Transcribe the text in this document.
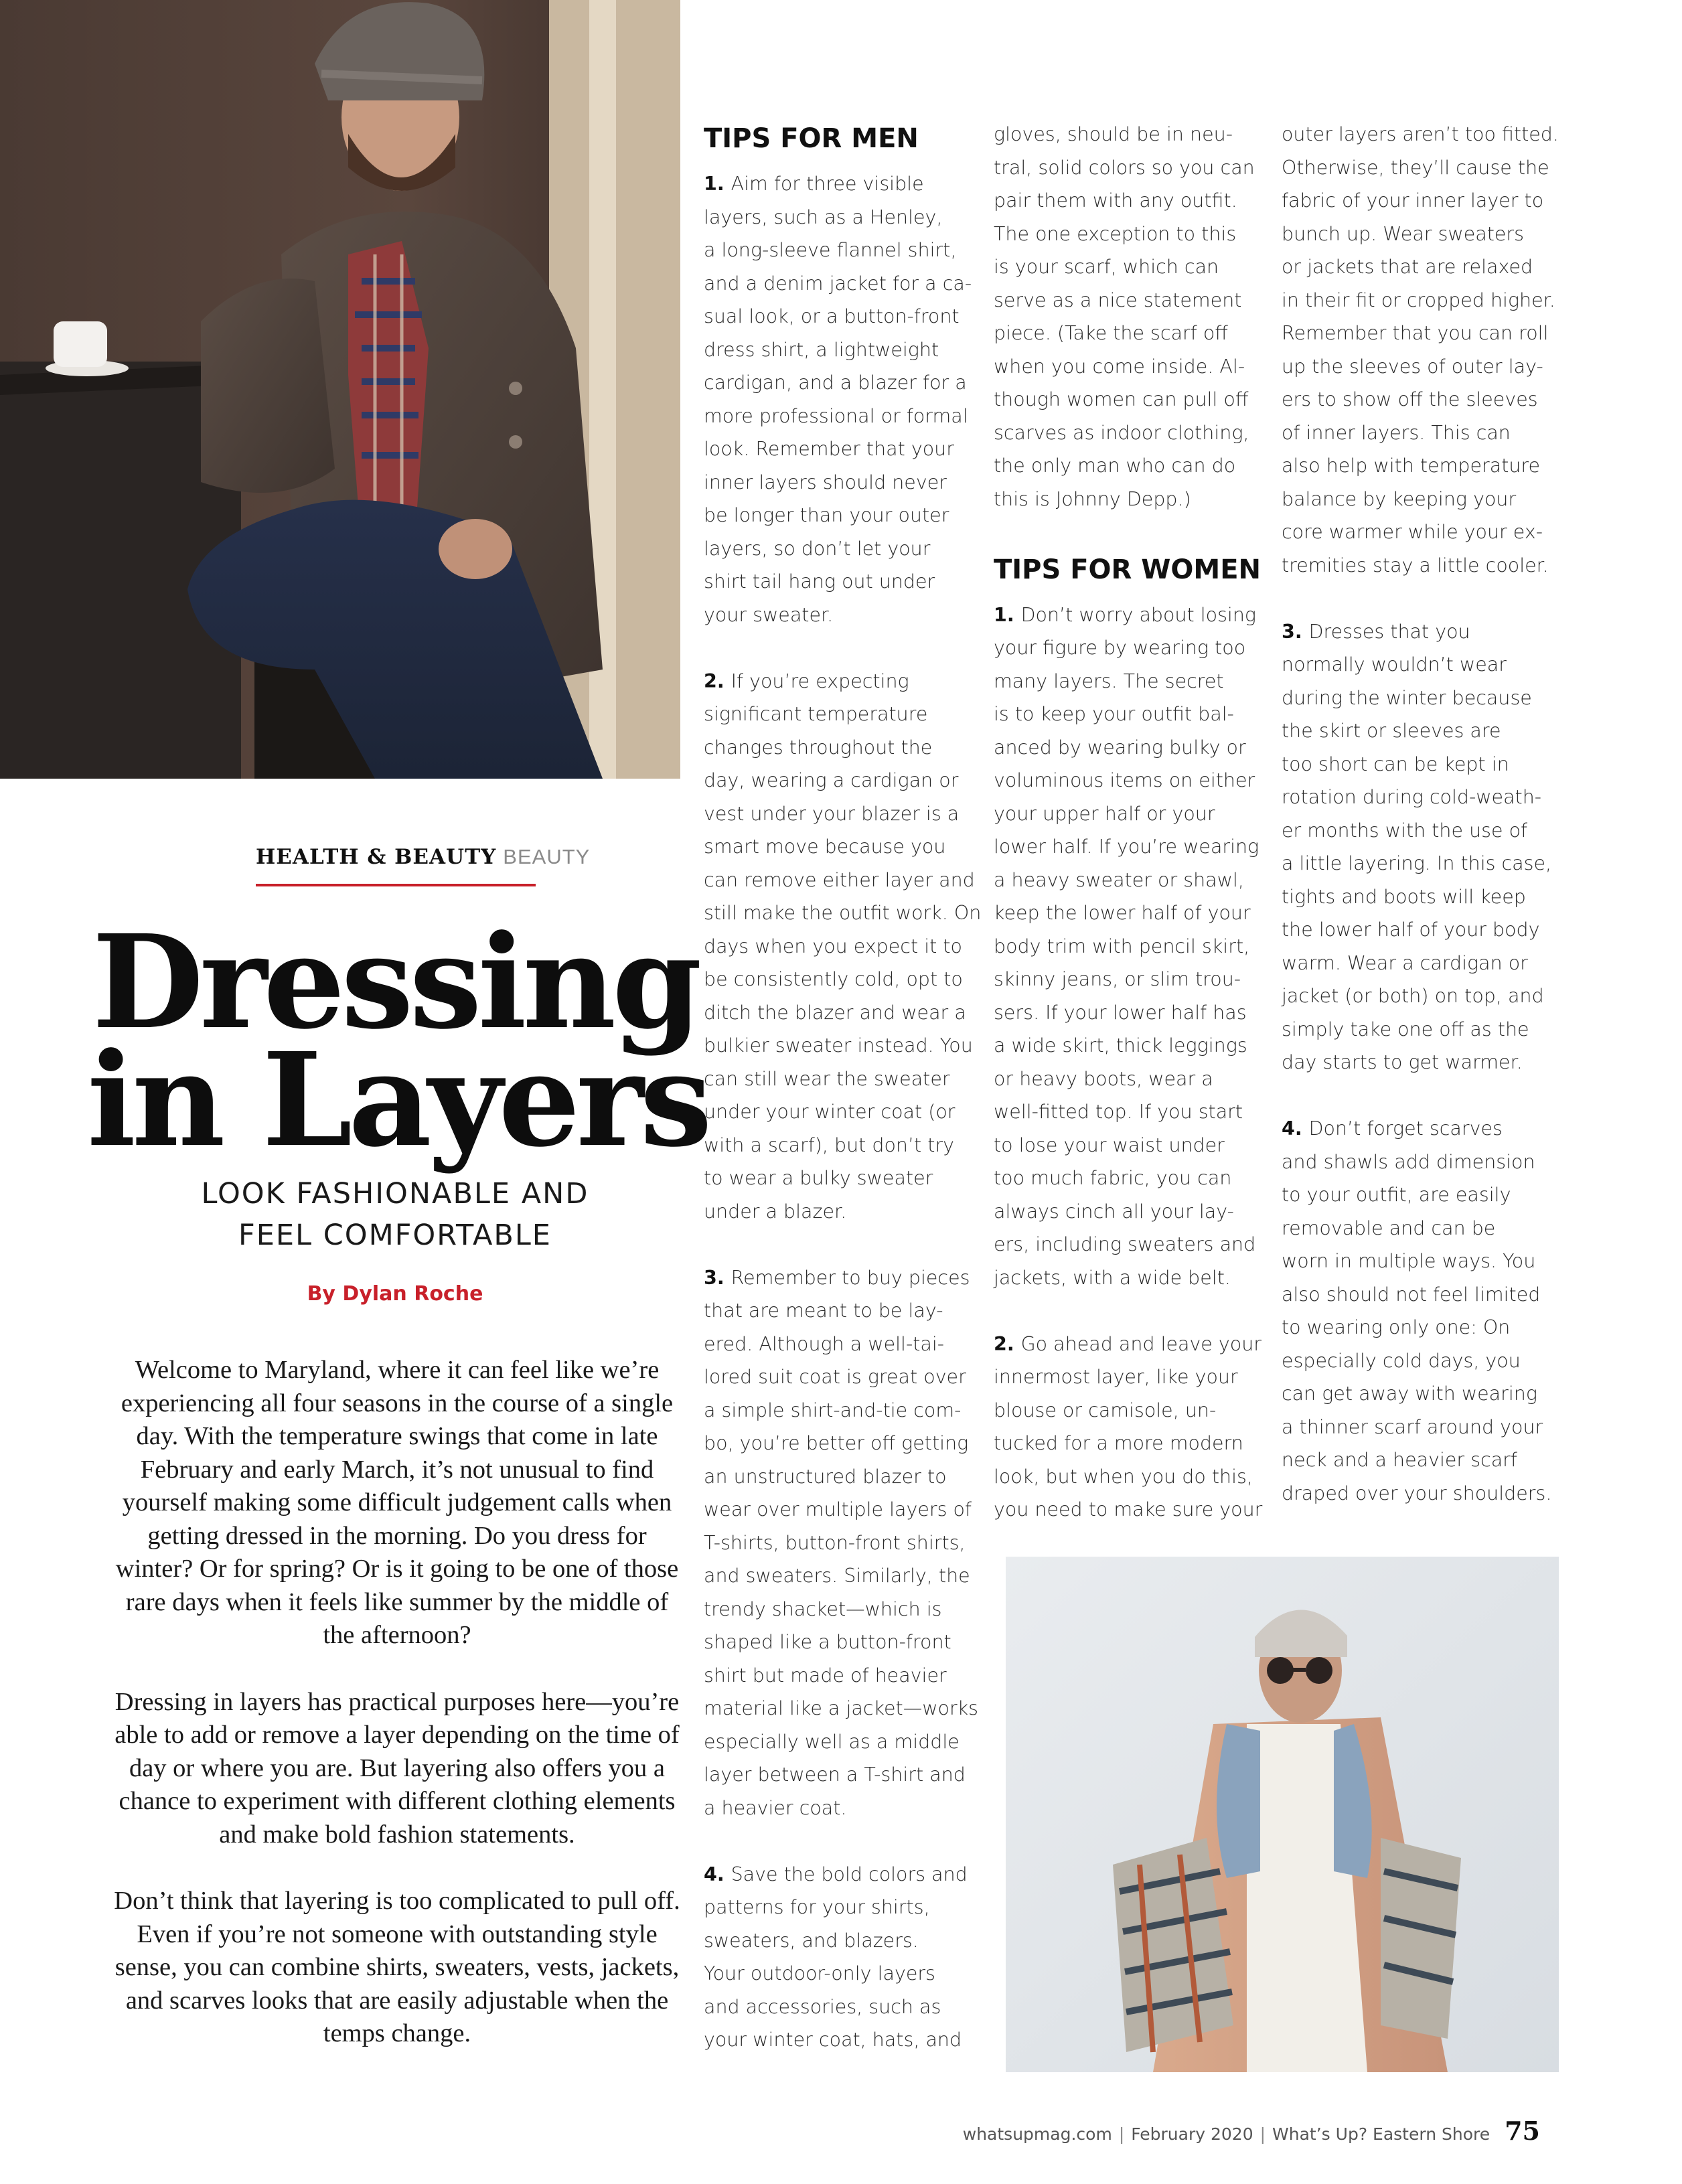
HEALTH & BEAUTY BEAUTY
Dressing
in Layers
LOOK FASHIONABLE AND
FEEL COMFORTABLE
By Dylan Roche

Welcome to Maryland, where it can feel like we’re experiencing all four seasons in the course of a single day. With the temperature swings that come in late February and early March, it’s not unusual to find yourself making some difficult judgement calls when getting dressed in the morning. Do you dress for winter? Or for spring? Or is it going to be one of those rare days when it feels like summer by the middle of the afternoon?

Dressing in layers has practical purposes here—you’re able to add or remove a layer depending on the time of day or where you are. But layering also offers you a chance to experiment with different clothing elements and make bold fashion statements.

Don’t think that layering is too complicated to pull off. Even if you’re not someone with outstanding style sense, you can combine shirts, sweaters, vests, jackets, and scarves looks that are easily adjustable when the temps change.

TIPS FOR MEN
1. Aim for three visible
layers, such as a Henley,
a long-sleeve flannel shirt,
and a denim jacket for a ca-
sual look, or a button-front
dress shirt, a lightweight
cardigan, and a blazer for a
more professional or formal
look. Remember that your
inner layers should never
be longer than your outer
layers, so don’t let your
shirt tail hang out under
your sweater.
2. If you’re expecting
significant temperature
changes throughout the
day, wearing a cardigan or
vest under your blazer is a
smart move because you
can remove either layer and
still make the outfit work. On
days when you expect it to
be consistently cold, opt to
ditch the blazer and wear a
bulkier sweater instead. You
can still wear the sweater
under your winter coat (or
with a scarf), but don’t try
to wear a bulky sweater
under a blazer.
3. Remember to buy pieces
that are meant to be lay-
ered. Although a well-tai-
lored suit coat is great over
a simple shirt-and-tie com-
bo, you’re better off getting
an unstructured blazer to
wear over multiple layers of
T-shirts, button-front shirts,
and sweaters. Similarly, the
trendy shacket—which is
shaped like a button-front
shirt but made of heavier
material like a jacket—works
especially well as a middle
layer between a T-shirt and
a heavier coat.
4. Save the bold colors and
patterns for your shirts,
sweaters, and blazers.
Your outdoor-only layers
and accessories, such as
your winter coat, hats, and
gloves, should be in neu-
tral, solid colors so you can
pair them with any outfit.
The one exception to this
is your scarf, which can
serve as a nice statement
piece. (Take the scarf off
when you come inside. Al-
though women can pull off
scarves as indoor clothing,
the only man who can do
this is Johnny Depp.)
TIPS FOR WOMEN
1. Don’t worry about losing
your figure by wearing too
many layers. The secret
is to keep your outfit bal-
anced by wearing bulky or
voluminous items on either
your upper half or your
lower half. If you’re wearing
a heavy sweater or shawl,
keep the lower half of your
body trim with pencil skirt,
skinny jeans, or slim trou-
sers. If your lower half has
a wide skirt, thick leggings
or heavy boots, wear a
well-fitted top. If you start
to lose your waist under
too much fabric, you can
always cinch all your lay-
ers, including sweaters and
jackets, with a wide belt.
2. Go ahead and leave your
innermost layer, like your
blouse or camisole, un-
tucked for a more modern
look, but when you do this,
you need to make sure your
outer layers aren’t too fitted.
Otherwise, they’ll cause the
fabric of your inner layer to
bunch up. Wear sweaters
or jackets that are relaxed
in their fit or cropped higher.
Remember that you can roll
up the sleeves of outer lay-
ers to show off the sleeves
of inner layers. This can
also help with temperature
balance by keeping your
core warmer while your ex-
tremities stay a little cooler.
3. Dresses that you
normally wouldn’t wear
during the winter because
the skirt or sleeves are
too short can be kept in
rotation during cold-weath-
er months with the use of
a little layering. In this case,
tights and boots will keep
the lower half of your body
warm. Wear a cardigan or
jacket (or both) on top, and
simply take one off as the
day starts to get warmer.
4. Don’t forget scarves
and shawls add dimension
to your outfit, are easily
removable and can be
worn in multiple ways. You
also should not feel limited
to wearing only one: On
especially cold days, you
can get away with wearing
a thinner scarf around your
neck and a heavier scarf
draped over your shoulders.
whatsupmag.com | February 2020 | What’s Up? Eastern Shore 75
